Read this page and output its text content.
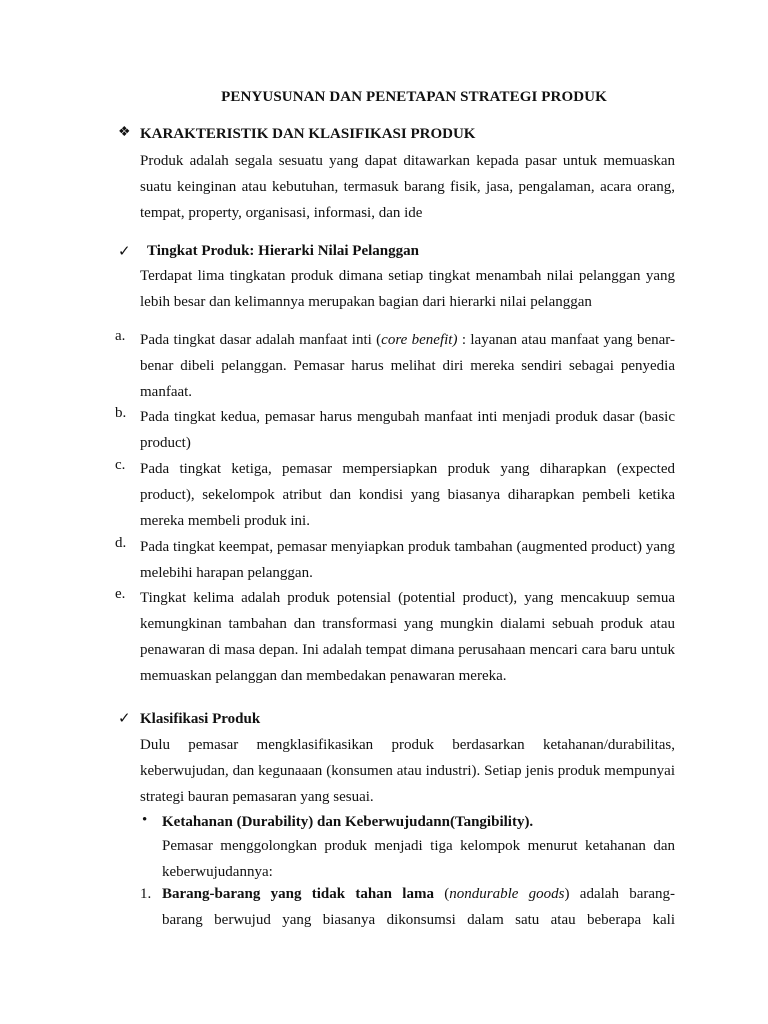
PENYUSUNAN DAN PENETAPAN STRATEGI PRODUK
❖ KARAKTERISTIK DAN KLASIFIKASI PRODUK

Produk adalah segala sesuatu yang dapat ditawarkan kepada pasar untuk memuaskan suatu keinginan atau kebutuhan, termasuk barang fisik, jasa, pengalaman, acara orang, tempat, property, organisasi, informasi, dan ide

✓	Tingkat Produk: Hierarki Nilai Pelanggan

Terdapat lima tingkatan produk dimana setiap tingkat menambah nilai pelanggan yang lebih besar dan kelimannya merupakan bagian dari hierarki nilai pelanggan

a. Pada tingkat dasar adalah manfaat inti (core benefit) : layanan atau manfaat yang benar-benar dibeli pelanggan. Pemasar harus melihat diri mereka sendiri sebagai penyedia manfaat.

b. Pada tingkat kedua, pemasar harus mengubah manfaat inti menjadi produk dasar (basic product)

c. Pada tingkat ketiga, pemasar mempersiapkan produk yang diharapkan (expected product), sekelompok atribut dan kondisi yang biasanya diharapkan pembeli ketika mereka membeli produk ini.

d. Pada tingkat keempat, pemasar menyiapkan produk tambahan (augmented product) yang melebihi harapan pelanggan.

e. Tingkat kelima adalah produk potensial (potential product), yang mencakuup semua kemungkinan tambahan dan transformasi yang mungkin dialami sebuah produk atau penawaran di masa depan. Ini adalah tempat dimana perusahaan mencari cara baru untuk memuaskan pelanggan dan membedakan penawaran mereka.

✓ Klasifikasi Produk

Dulu pemasar mengklasifikasikan produk berdasarkan ketahanan/durabilitas, keberwujudan, dan kegunaaan (konsumen atau industri). Setiap jenis produk mempunyai strategi bauran pemasaran yang sesuai.

• Ketahanan (Durability) dan Keberwujudann(Tangibility).

Pemasar menggolongkan produk menjadi tiga kelompok menurut ketahanan dan keberwujudannya:

1. Barang-barang yang tidak tahan lama (nondurable goods) adalah barang-
barang berwujud yang biasanya dikonsumsi dalam satu atau beberapa kali
